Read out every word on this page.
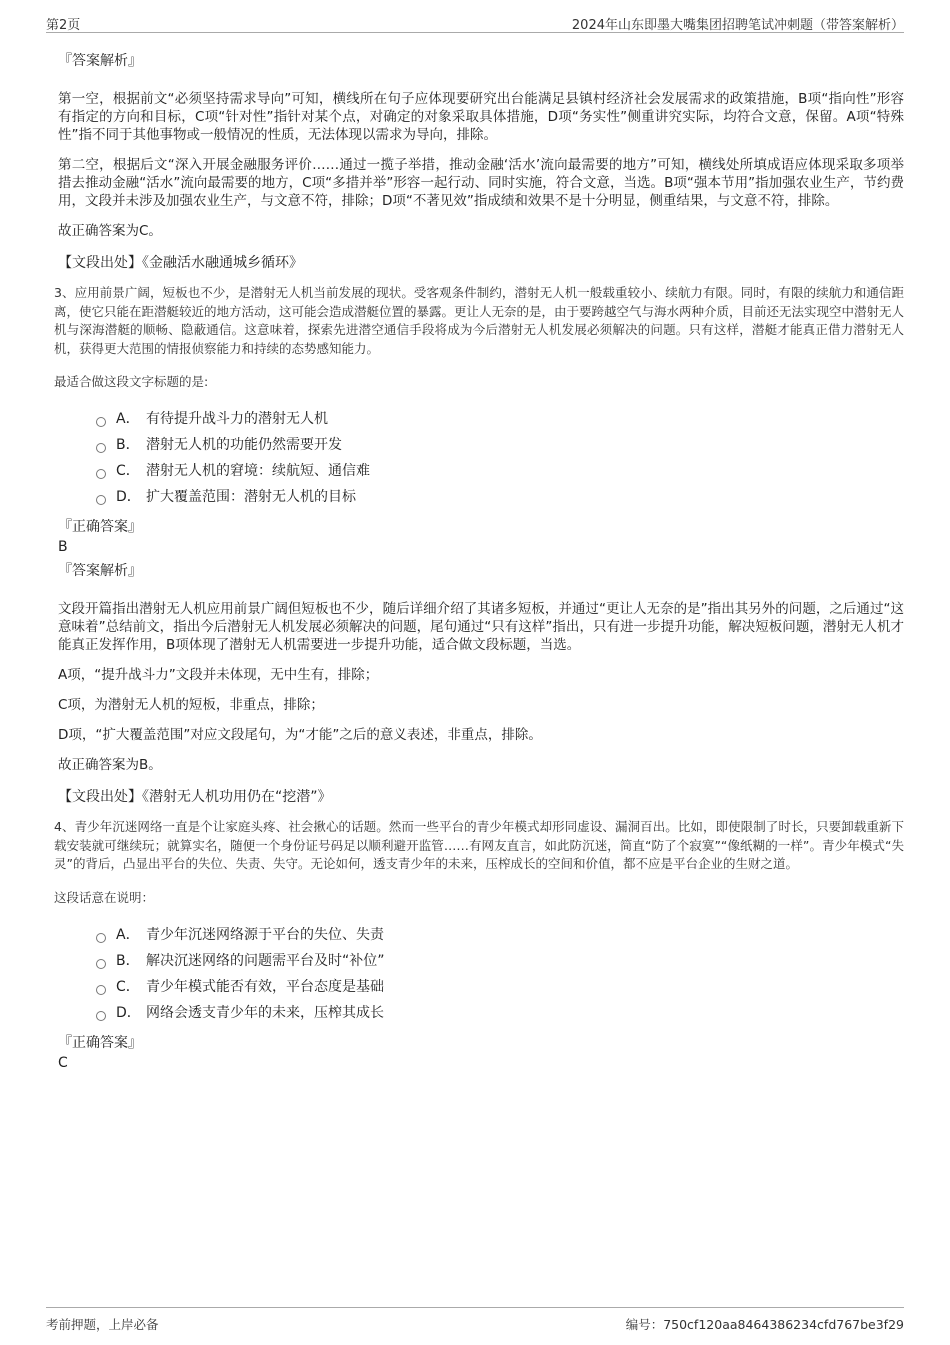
第2页	2024年山东即墨大嘴集团招聘笔试冲刺题（带答案解析）
『答案解析』
第一空，根据前文“必须坚持需求导向”可知，横线所在句子应体现要研究出台能满足县镇村经济社会发展需求的政策措施，B项“指向性”形容有指定的方向和目标，C项“针对性”指针对某个点，对确定的对象采取具体措施，D项“务实性”侧重讲究实际，均符合文意，保留。A项“特殊性”指不同于其他事物或一般情况的性质，无法体现以需求为导向，排除。
第二空，根据后文“深入开展金融服务评价……通过一揽子举措，推动金融‘活水’流向最需要的地方”可知，横线处所填成语应体现采取多项举措去推动金融“活水”流向最需要的地方，C项“多措并举”形容一起行动、同时实施，符合文意，当选。B项“强本节用”指加强农业生产，节约费用，文段并未涉及加强农业生产，与文意不符，排除；D项“不著见效”指成绩和效果不是十分明显，侧重结果，与文意不符，排除。
故正确答案为C。
【文段出处】《金融活水融通城乡循环》
3、应用前景广阔，短板也不少，是潜射无人机当前发展的现状。受客观条件制约，潜射无人机一般载重较小、续航力有限。同时，有限的续航力和通信距离，使它只能在距潜艇较近的地方活动，这可能会造成潜艇位置的暴露。更让人无奈的是，由于要跨越空气与海水两种介质，目前还无法实现空中潜射无人机与深海潜艇的顺畅、隐蔽通信。这意味着，探索先进潜空通信手段将成为今后潜射无人机发展必须解决的问题。只有这样，潜艇才能真正借力潜射无人机，获得更大范围的情报侦察能力和持续的态势感知能力。
最适合做这段文字标题的是:
A． 有待提升战斗力的潜射无人机
B． 潜射无人机的功能仍然需要开发
C． 潜射无人机的窘境：续航短、通信难
D． 扩大覆盖范围：潜射无人机的目标
『正确答案』
B
『答案解析』
文段开篇指出潜射无人机应用前景广阔但短板也不少，随后详细介绍了其诸多短板，并通过“更让人无奈的是”指出其另外的问题，之后通过“这意味着”总结前文，指出今后潜射无人机发展必须解决的问题，尾句通过“只有这样”指出，只有进一步提升功能，解决短板问题，潜射无人机才能真正发挥作用，B项体现了潜射无人机需要进一步提升功能，适合做文段标题，当选。
A项，“提升战斗力”文段并未体现，无中生有，排除；
C项，为潜射无人机的短板，非重点，排除；
D项，“扩大覆盖范围”对应文段尾句，为“才能”之后的意义表述，非重点，排除。
故正确答案为B。
【文段出处】《潜射无人机功用仍在“挖潜”》
4、青少年沉迷网络一直是个让家庭头疼、社会揪心的话题。然而一些平台的青少年模式却形同虚设、漏洞百出。比如，即使限制了时长，只要卸载重新下载安装就可继续玩；就算实名，随便一个身份证号码足以顺利避开监管……有网友直言，如此防沉迷，简直“防了个寂寞”“像纸糊的一样”。青少年模式“失灵”的背后，凸显出平台的失位、失责、失守。无论如何，透支青少年的未来，压榨成长的空间和价值，都不应是平台企业的生财之道。
这段话意在说明：
A． 青少年沉迷网络源于平台的失位、失责
B． 解决沉迷网络的问题需平台及时“补位”
C． 青少年模式能否有效，平台态度是基础
D． 网络会透支青少年的未来，压榨其成长
『正确答案』
C
考前押题，上岸必备	编号：750cf120aa8464386234cfd767be3f29
